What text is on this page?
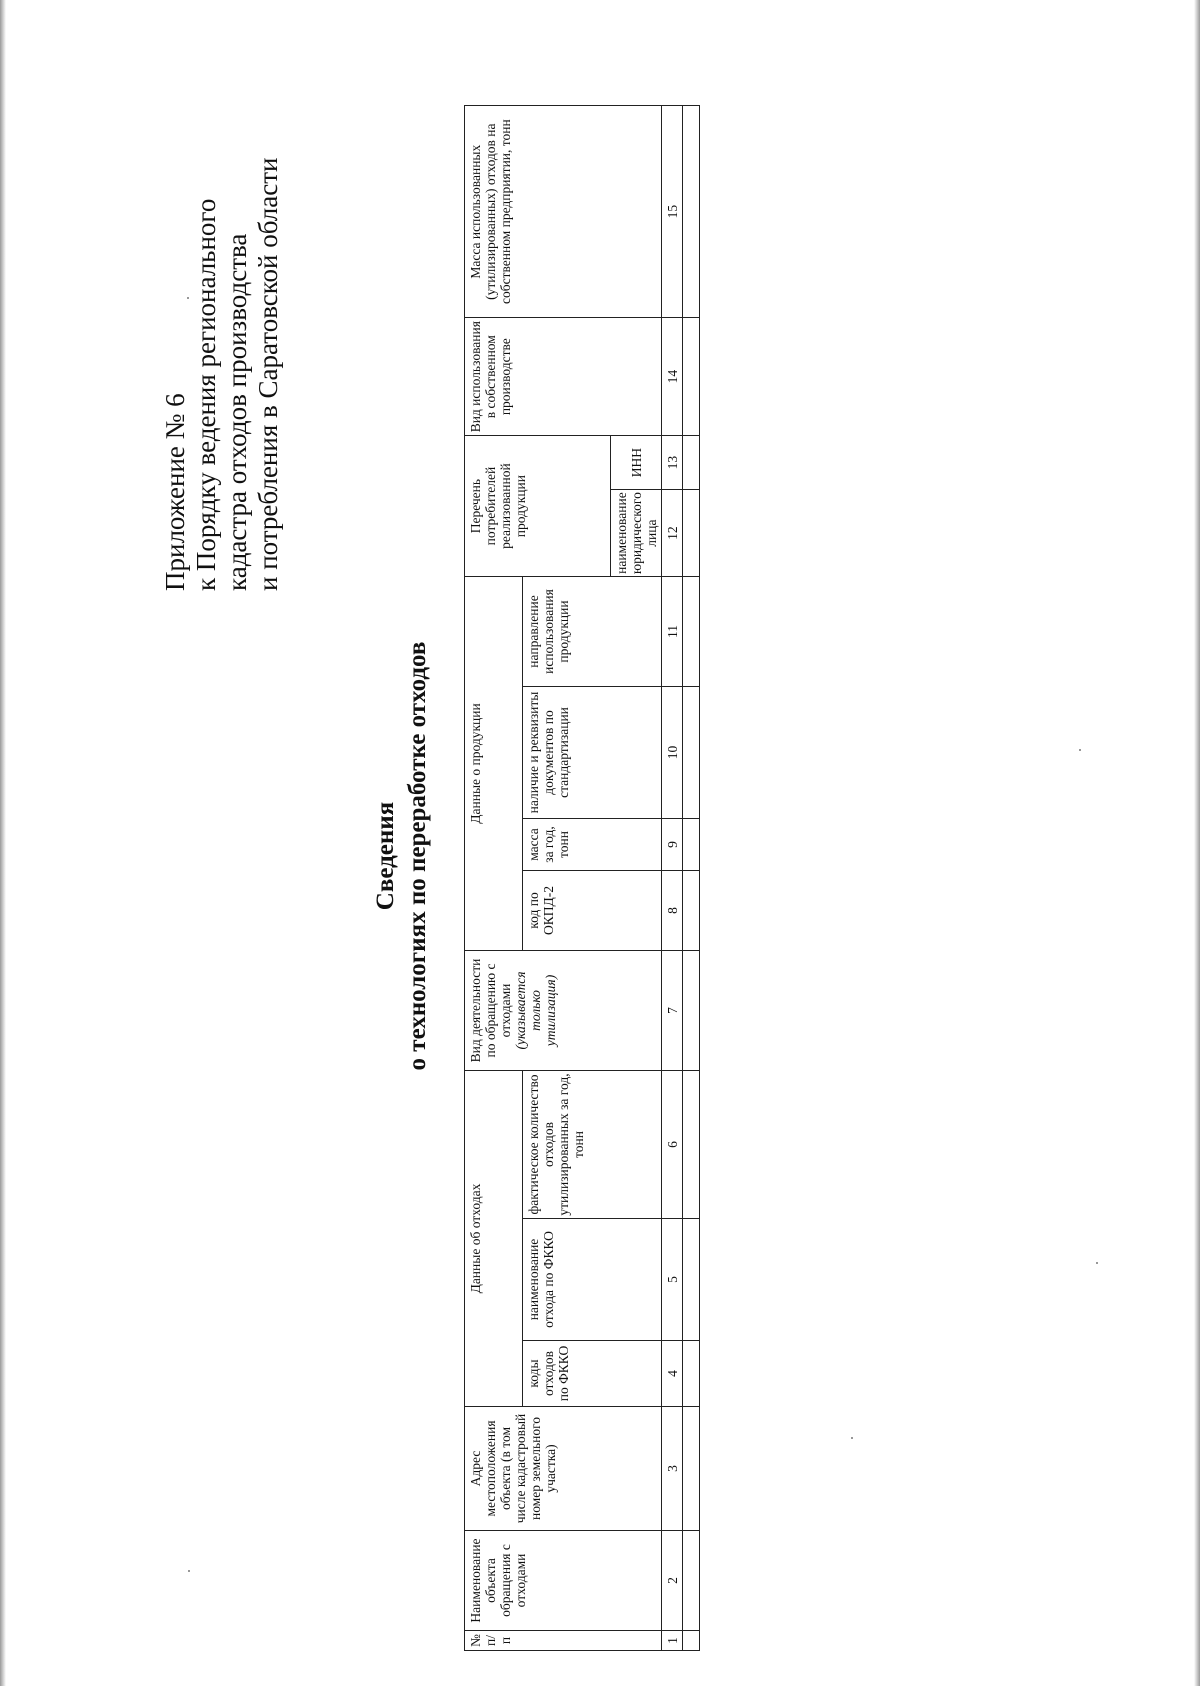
Приложение № 6 к Порядку ведения регионального кадастра отходов производства и потребления в Саратовской области
Сведения о технологиях по переработке отходов
№ п/п	Наименование объекта обращения с отходами	Адрес местоположения объекта (в том числе кадастровый номер земельного участка)	Данные об отходах			Вид деятельности по обращению с отходами (указывается только утилизация)	Данные о продукции				Перечень потребителей реализованной продукции		Вид использования в собственном производстве	Масса использованных (утилизированных) отходов на собственном предприятии, тонн
			коды отходов по ФККО	наименование отхода по ФККО	фактическое количество отходов утилизированных за год, тонн		код по ОКПД-2	масса за год, тонн	наличие и реквизиты документов по стандартизации	направление использования продукции				
											наименование юридического лица	ИНН		
1	2	3	4	5	6	7	8	9	10	11	12	13	14	15
